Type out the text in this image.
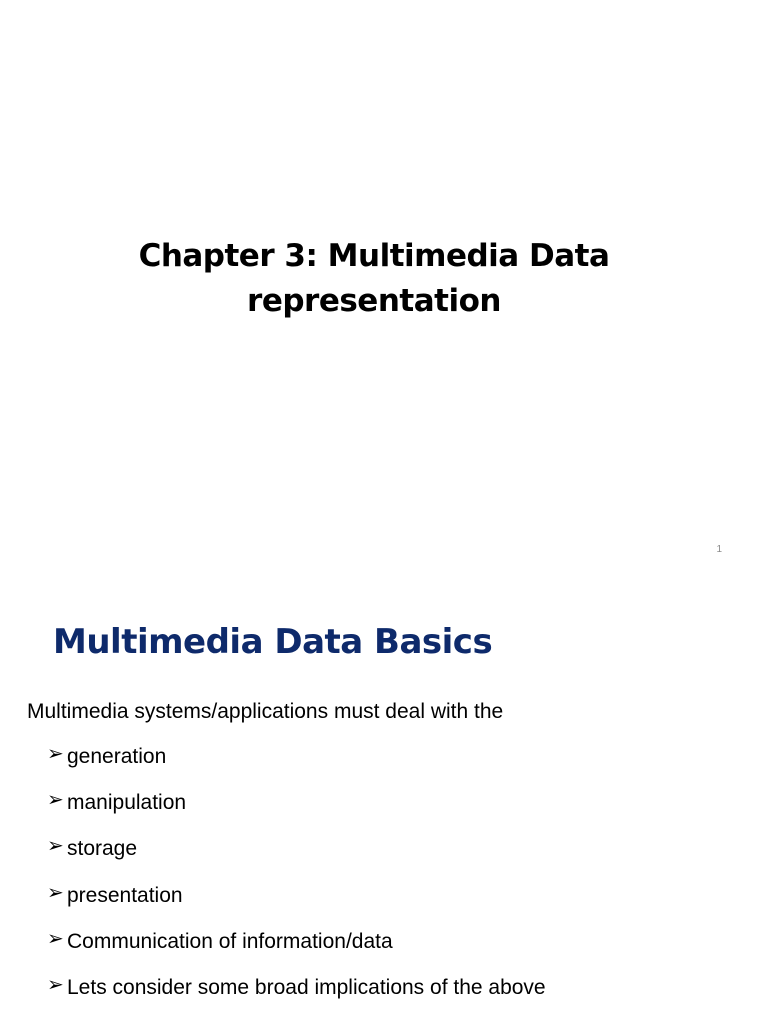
Chapter 3: Multimedia Data representation
1
Multimedia Data Basics

Multimedia systems/applications must deal with the

➢ generation
➢ manipulation
➢ storage
➢ presentation
➢ Communication of information/data
➢ Lets consider some broad implications of the above
